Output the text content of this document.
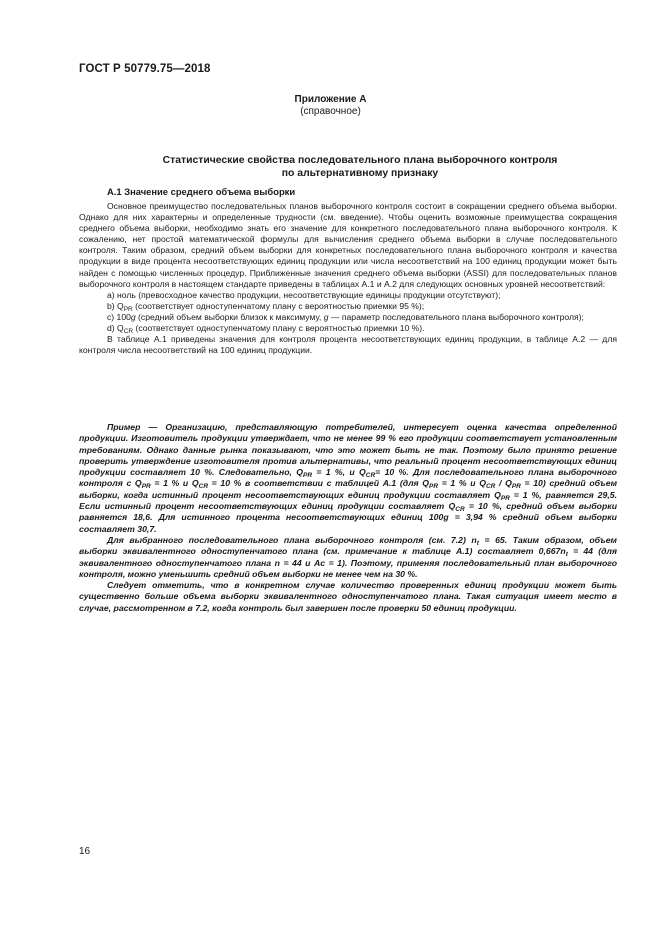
ГОСТ Р 50779.75—2018
Приложение А
(справочное)
Статистические свойства последовательного плана выборочного контроля
по альтернативному признаку
А.1 Значение среднего объема выборки

Основное преимущество последовательных планов выборочного контроля состоит в сокращении среднего объема выборки. Однако для них характерны и определенные трудности (см. введение). Чтобы оценить возможные преимущества сокращения среднего объема выборки, необходимо знать его значение для конкретного последовательного плана выборочного контроля. К сожалению, нет простой математической формулы для вычисления среднего объема выборки в случае последовательного контроля. Таким образом, средний объем выборки для конкретных последовательного плана выборочного контроля и качества продукции в виде процента несоответствующих единиц продукции или числа несоответствий на 100 единиц продукции может быть найден с помощью численных процедур. Приближенные значения среднего объема выборки (ASSI) для последовательных планов выборочного контроля в настоящем стандарте приведены в таблицах А.1 и А.2 для следующих основных уровней несоответствий:

a) ноль (превосходное качество продукции, несоответствующие единицы продукции отсутствуют);

b) $Q_{PR}$ (соответствует одноступенчатому плану с вероятностью приемки 95 %);

c) 100g (средний объем выборки близок к максимуму, g — параметр последовательного плана выборочного контроля);

d) $Q_{CR}$ (соответствует одноступенчатому плану с вероятностью приемки 10 %).

В таблице А.1 приведены значения для контроля процента несоответствующих единиц продукции, в таблице А.2 — для контроля числа несоответствий на 100 единиц продукции.

Пример — Организацию, представляющую потребителей, интересует оценка качества определенной продукции. Изготовитель продукции утверждает, что не менее 99 % его продукции соответствует установленным требованиям. Однако данные рынка показывают, что это может быть не так. Поэтому было принято решение проверить утверждение изготовителя против альтернативы, что реальный процент несоответствующих единиц продукции составляет 10 %. Следовательно, $Q_{PR} = 1$ %, и $Q_{CR}= 10$ %. Для последовательного плана выборочного контроля с $Q_{PR} = 1$ % и $Q_{CR} = 10$ % в соответствии с таблицей А.1 (для $Q_{PR} = 1$ % и $Q_{CR} / Q_{PR} = 10$) средний объем выборки, когда истинный процент несоответствующих единиц продукции составляет $Q_{PR} = 1$ %, равняется 29,5. Если истинный процент несоответствующих единиц продукции составляет $Q_{CR} = 10$ %, средний объем выборки равняется 18,6. Для истинного процента несоответствующих единиц 100g = 3,94 % средний объем выборки составляет 30,7.

Для выбранного последовательного плана выборочного контроля (см. 7.2) $n_t = 65$. Таким образом, объем выборки эквивалентного одноступенчатого плана (см. примечание к таблице А.1) составляет $0,667n_t = 44$ (для эквивалентного одноступенчатого плана n = 44 и Ac = 1). Поэтому, применяя последовательный план выборочного контроля, можно уменьшить средний объем выборки не менее чем на 30 %.

Следует отметить, что в конкретном случае количество проверенных единиц продукции может быть существенно больше объема выборки эквивалентного одноступенчатого плана. Такая ситуация имеет место в случае, рассмотренном в 7.2, когда контроль был завершен после проверки 50 единиц продукции.

16
